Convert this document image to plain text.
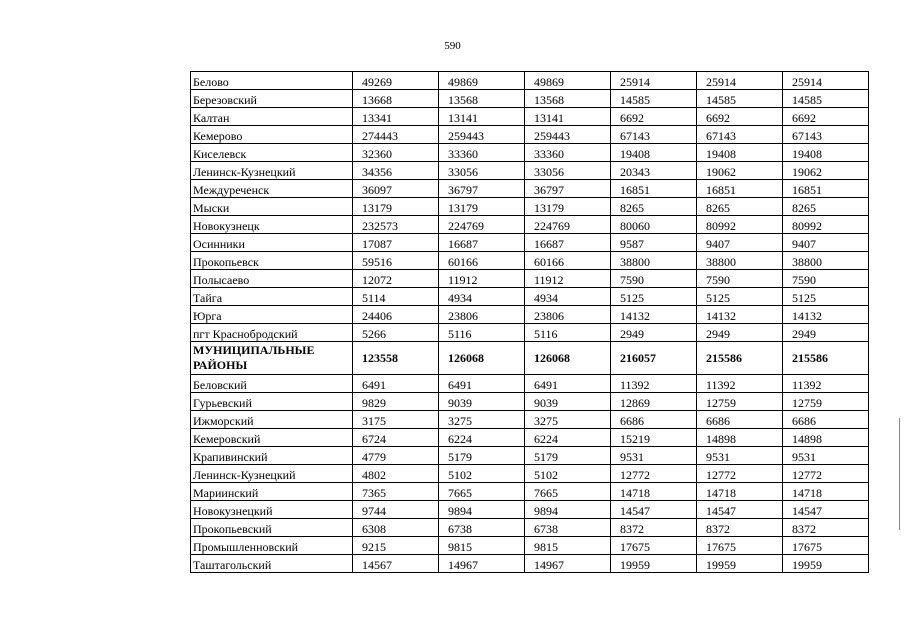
590
Белово	49269	49869	49869	25914	25914	25914
Березовский	13668	13568	13568	14585	14585	14585
Калтан	13341	13141	13141	6692	6692	6692
Кемерово	274443	259443	259443	67143	67143	67143
Киселевск	32360	33360	33360	19408	19408	19408
Ленинск-Кузнецкий	34356	33056	33056	20343	19062	19062
Междуреченск	36097	36797	36797	16851	16851	16851
Мыски	13179	13179	13179	8265	8265	8265
Новокузнецк	232573	224769	224769	80060	80992	80992
Осинники	17087	16687	16687	9587	9407	9407
Прокопьевск	59516	60166	60166	38800	38800	38800
Полысаево	12072	11912	11912	7590	7590	7590
Тайга	5114	4934	4934	5125	5125	5125
Юрга	24406	23806	23806	14132	14132	14132
пгт Краснобродский	5266	5116	5116	2949	2949	2949
МУНИЦИПАЛЬНЫЕ РАЙОНЫ	123558	126068	126068	216057	215586	215586
Беловский	6491	6491	6491	11392	11392	11392
Гурьевский	9829	9039	9039	12869	12759	12759
Ижморский	3175	3275	3275	6686	6686	6686
Кемеровский	6724	6224	6224	15219	14898	14898
Крапивинский	4779	5179	5179	9531	9531	9531
Ленинск-Кузнецкий	4802	5102	5102	12772	12772	12772
Мариинский	7365	7665	7665	14718	14718	14718
Новокузнецкий	9744	9894	9894	14547	14547	14547
Прокопьевский	6308	6738	6738	8372	8372	8372
Промышленновский	9215	9815	9815	17675	17675	17675
Таштагольский	14567	14967	14967	19959	19959	19959
